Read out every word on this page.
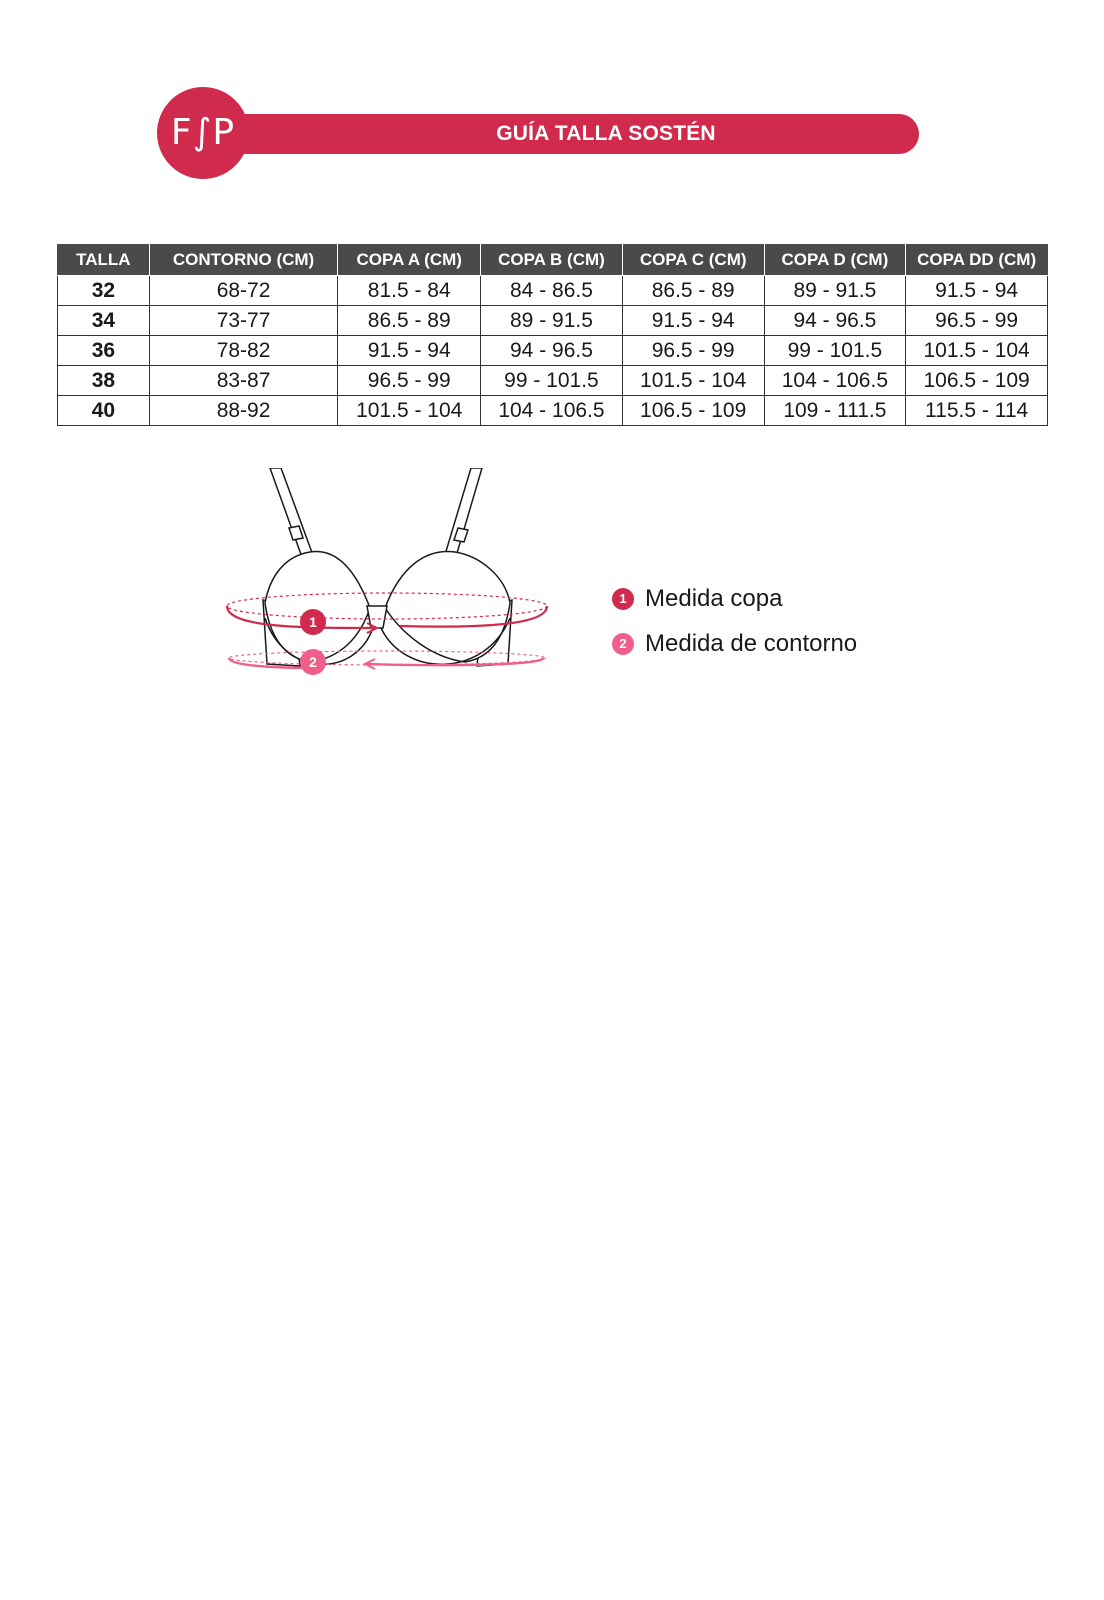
GUÍA TALLA SOSTÉN
F∫P
TALLA	CONTORNO (CM)	COPA A (CM)	COPA B (CM)	COPA C (CM)	COPA D (CM)	COPA DD (CM)
32	68-72	81.5 - 84	84 - 86.5	86.5 - 89	89 - 91.5	91.5 - 94
34	73-77	86.5 - 89	89 - 91.5	91.5 - 94	94 - 96.5	96.5 - 99
36	78-82	91.5 - 94	94 - 96.5	96.5 - 99	99 - 101.5	101.5 - 104
38	83-87	96.5 - 99	99 - 101.5	101.5 - 104	104 - 106.5	106.5 - 109
40	88-92	101.5 - 104	104 - 106.5	106.5 - 109	109 - 111.5	115.5 - 114
1
2
1 Medida copa
2 Medida de contorno
